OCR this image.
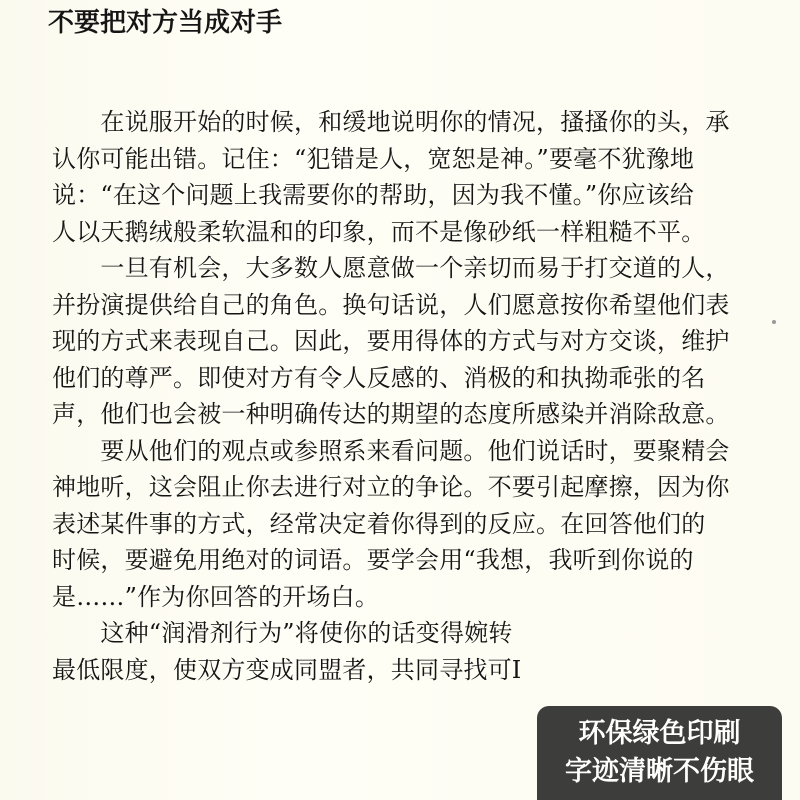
不要把对方当成对手
　　在说服开始的时候，和缓地说明你的情况，搔搔你的头，承
认你可能出错。记住：“犯错是人，宽恕是神。”要毫不犹豫地
说：“在这个问题上我需要你的帮助，因为我不懂。”你应该给
人以天鹅绒般柔软温和的印象，而不是像砂纸一样粗糙不平。
　　一旦有机会，大多数人愿意做一个亲切而易于打交道的人，
并扮演提供给自己的角色。换句话说，人们愿意按你希望他们表
现的方式来表现自己。因此，要用得体的方式与对方交谈，维护
他们的尊严。即使对方有令人反感的、消极的和执拗乖张的名
声，他们也会被一种明确传达的期望的态度所感染并消除敌意。
　　要从他们的观点或参照系来看问题。他们说话时，要聚精会
神地听，这会阻止你去进行对立的争论。不要引起摩擦，因为你
表述某件事的方式，经常决定着你得到的反应。在回答他们的
时候，要避免用绝对的词语。要学会用“我想，我听到你说的
是……”作为你回答的开场白。
　　这种“润滑剂行为”将使你的话变得婉转
最低限度，使双方变成同盟者，共同寻找可Ⅰ
环保绿色印刷
字迹清晰不伤眼
